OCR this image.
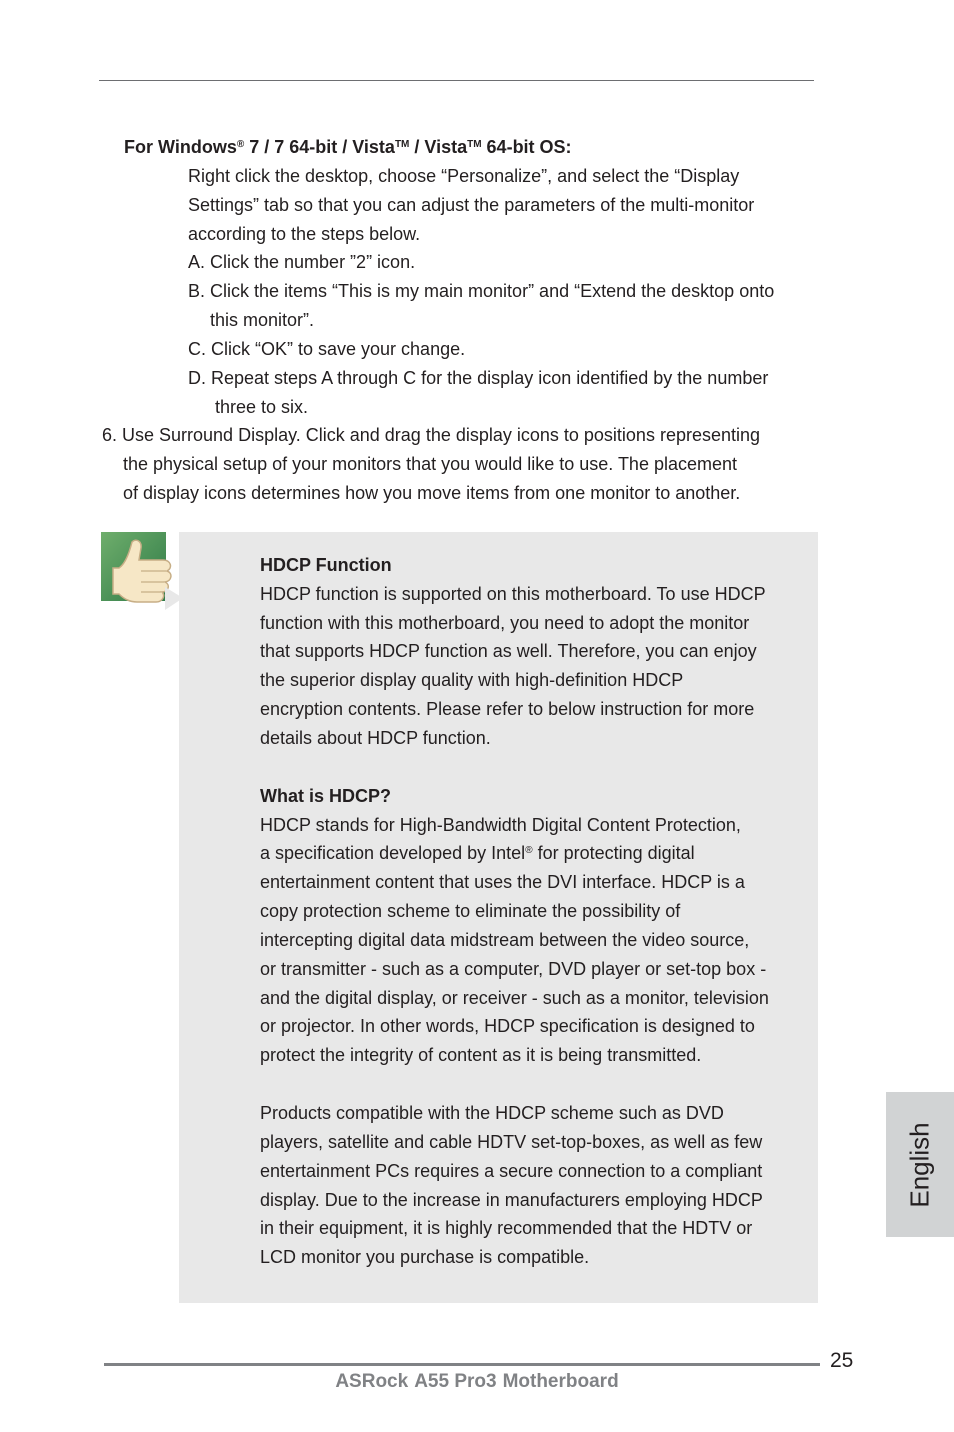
For Windows® 7 / 7 64-bit / Vista™ / Vista™ 64-bit OS:
Right click the desktop, choose “Personalize”, and select the “Display
Settings” tab so that you can adjust the parameters of the multi-monitor
according to the steps below.
A. Click the number ”2” icon.
B. Click the items “This is my main monitor” and “Extend the desktop onto
this monitor”.
C. Click “OK” to save your change.
D. Repeat steps A through C for the display icon identified by the number
three to six.
6. Use Surround Display. Click and drag the display icons to positions representing
the physical setup of your monitors that you would like to use. The placement
of display icons determines how you move items from one monitor to another.
HDCP Function
HDCP function is supported on this motherboard. To use HDCP
function with this motherboard, you need to adopt the monitor
that supports HDCP function as well. Therefore, you can enjoy
the superior display quality with high-definition HDCP
encryption contents. Please refer to below instruction for more
details about HDCP function.
What is HDCP?
HDCP stands for High-Bandwidth Digital Content Protection,
a specification developed by Intel® for protecting digital
entertainment content that uses the DVI interface. HDCP is a
copy protection scheme to eliminate the possibility of
intercepting digital data midstream between the video source,
or transmitter - such as a computer, DVD player or set-top box -
and the digital display, or receiver - such as a monitor, television
or projector. In other words, HDCP specification is designed to
protect the integrity of content as it is being transmitted.
Products compatible with the HDCP scheme such as DVD
players, satellite and cable HDTV set-top-boxes, as well as few
entertainment PCs requires a secure connection to a compliant
display. Due to the increase in manufacturers employing HDCP
in their equipment, it is highly recommended that the HDTV or
LCD monitor you purchase is compatible.
English
25
ASRock A55 Pro3 Motherboard
